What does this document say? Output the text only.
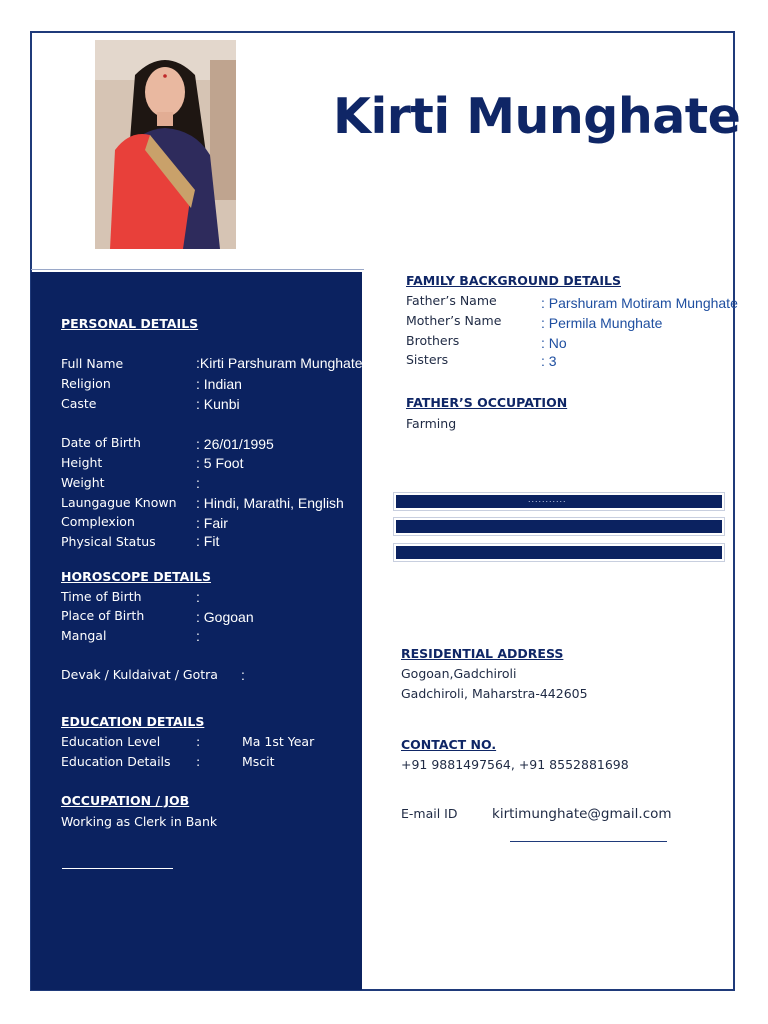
Kirti Munghate
PERSONAL DETAILS
Full Name	:Kirti Parshuram Munghate
Religion	: Indian
Caste	: Kunbi
Date of Birth	: 26/01/1995
Height	: 5 Foot
Weight	:
Laungague Known : Hindi, Marathi, English
Complexion	: Fair
Physical Status	: Fit
HOROSCOPE DETAILS
Time of Birth	:
Place of Birth	: Gogoan
Mangal	:
Devak / Kuldaivat / Gotra :
EDUCATION DETAILS
Education Level	:	Ma 1st Year
Education Details :	Mscit
OCCUPATION / JOB
Working as Clerk in Bank
FAMILY BACKGROUND DETAILS
Father’s Name	: Parshuram Motiram Munghate
Mother’s Name	: Permila Munghate
Brothers	: No
Sisters	: 3
FATHER’S OCCUPATION
Farming
...........
RESIDENTIAL ADDRESS
Gogoan,Gadchiroli
Gadchiroli, Maharstra-442605
CONTACT NO.
+91 9881497564, +91 8552881698
E-mail ID	kirtimunghate@gmail.com
